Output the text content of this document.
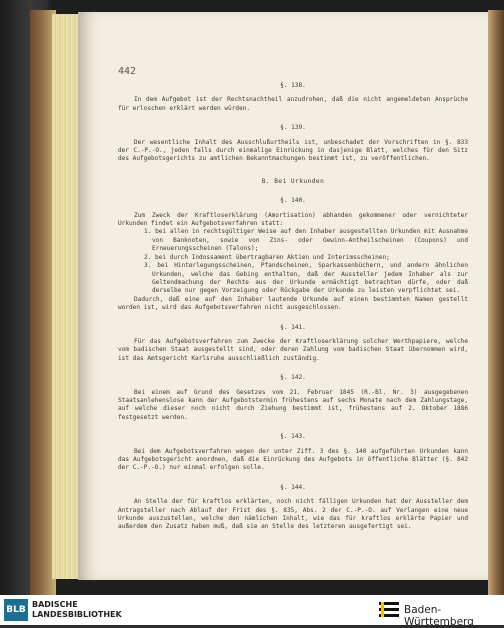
442
§. 138.
In dem Aufgebot ist der Rechtsnachtheil anzudrohen, daß die nicht angemeldeten Ansprüche für erloschen erklärt werden würden.
§. 139.
Der wesentliche Inhalt des Ausschlußurtheils ist, unbeschadet der Vorschriften in §. 833 der C.-P.-O., jeden falls durch einmalige Einrückung in dasjenige Blatt, welches für den Sitz des Aufgebotsgerichts zu amtlichen Bekanntmachungen bestimmt ist, zu veröffentlichen.
B. Bei Urkunden
§. 140.
Zum Zweck der Kraftloserklärung (Amortisation) abhanden gekommener oder vernichteter Urkunden findet ein Aufgebotsverfahren statt:
1. bei allen in rechtsgültiger Weise auf den Inhaber ausgestellten Urkunden mit Ausnahme von Banknoten, sowie von Zins- oder Gewinn-Antheilscheinen (Coupons) und Erneuerungsscheinen (Talons);
2. bei durch Indossament übertragbaren Aktien und Interimsscheinen;
3. bei Hinterlegungsscheinen, Pfandscheinen, Sparkassenbüchern, und andern ähnlichen Urkunden, welche das Gebing enthalten, daß der Aussteller jedem Inhaber als zur Geltendmachung der Rechte aus der Urkunde ermächtigt betrachten dürfe, oder daß derselbe nur gegen Vorzeigung oder Rückgabe der Urkunde zu leisten verpflichtet sei.
Dadurch, daß eine auf den Inhaber lautende Urkunde auf einen bestimmten Namen gestellt worden ist, wird das Aufgebotsverfahren nicht ausgeschlossen.
§. 141.
Für das Aufgebotsverfahren zum Zwecke der Kraftloserklärung solcher Werthpapiere, welche vom badischen Staat ausgestellt sind, oder deren Zahlung vom badischen Staat übernommen wird, ist das Amtsgericht Karlsruhe ausschließlich zuständig.
§. 142.
Bei einem auf Grund des Gesetzes vom 21. Februar 1845 (R.-Bl. Nr. 3) ausgegebenen Staatsanlehenslose kann der Aufgebotstermin frühestens auf sechs Monate nach dem Zahlungstage, auf welche dieser noch nicht durch Ziehung bestimmt ist, frühestens auf 2. Oktober 1886 festgesetzt werden.
§. 143.
Bei dem Aufgebotsverfahren wegen der unter Ziff. 3 des §. 140 aufgeführten Urkunden kann das Aufgebotsgericht anordnen, daß die Einrückung des Aufgebots in öffentliche Blätter (§. 842 der C.-P.-O.) nur einmal erfolgen solle.
§. 144.
An Stelle der für kraftlos erklärten, noch nicht fälligen Urkunden hat der Aussteller dem Antragsteller nach Ablauf der Frist des §. 835, Abs. 2 der C.-P.-O. auf Verlangen eine neue Urkunde auszustellen, welche den nämlichen Inhalt, wie das für kraftlos erklärte Papier und außerdem den Zusatz haben muß, daß sie an Stelle des letzteren ausgefertigt sei.
BLB
BADISCHE
LANDESBIBLIOTHEK	Baden-Württemberg
